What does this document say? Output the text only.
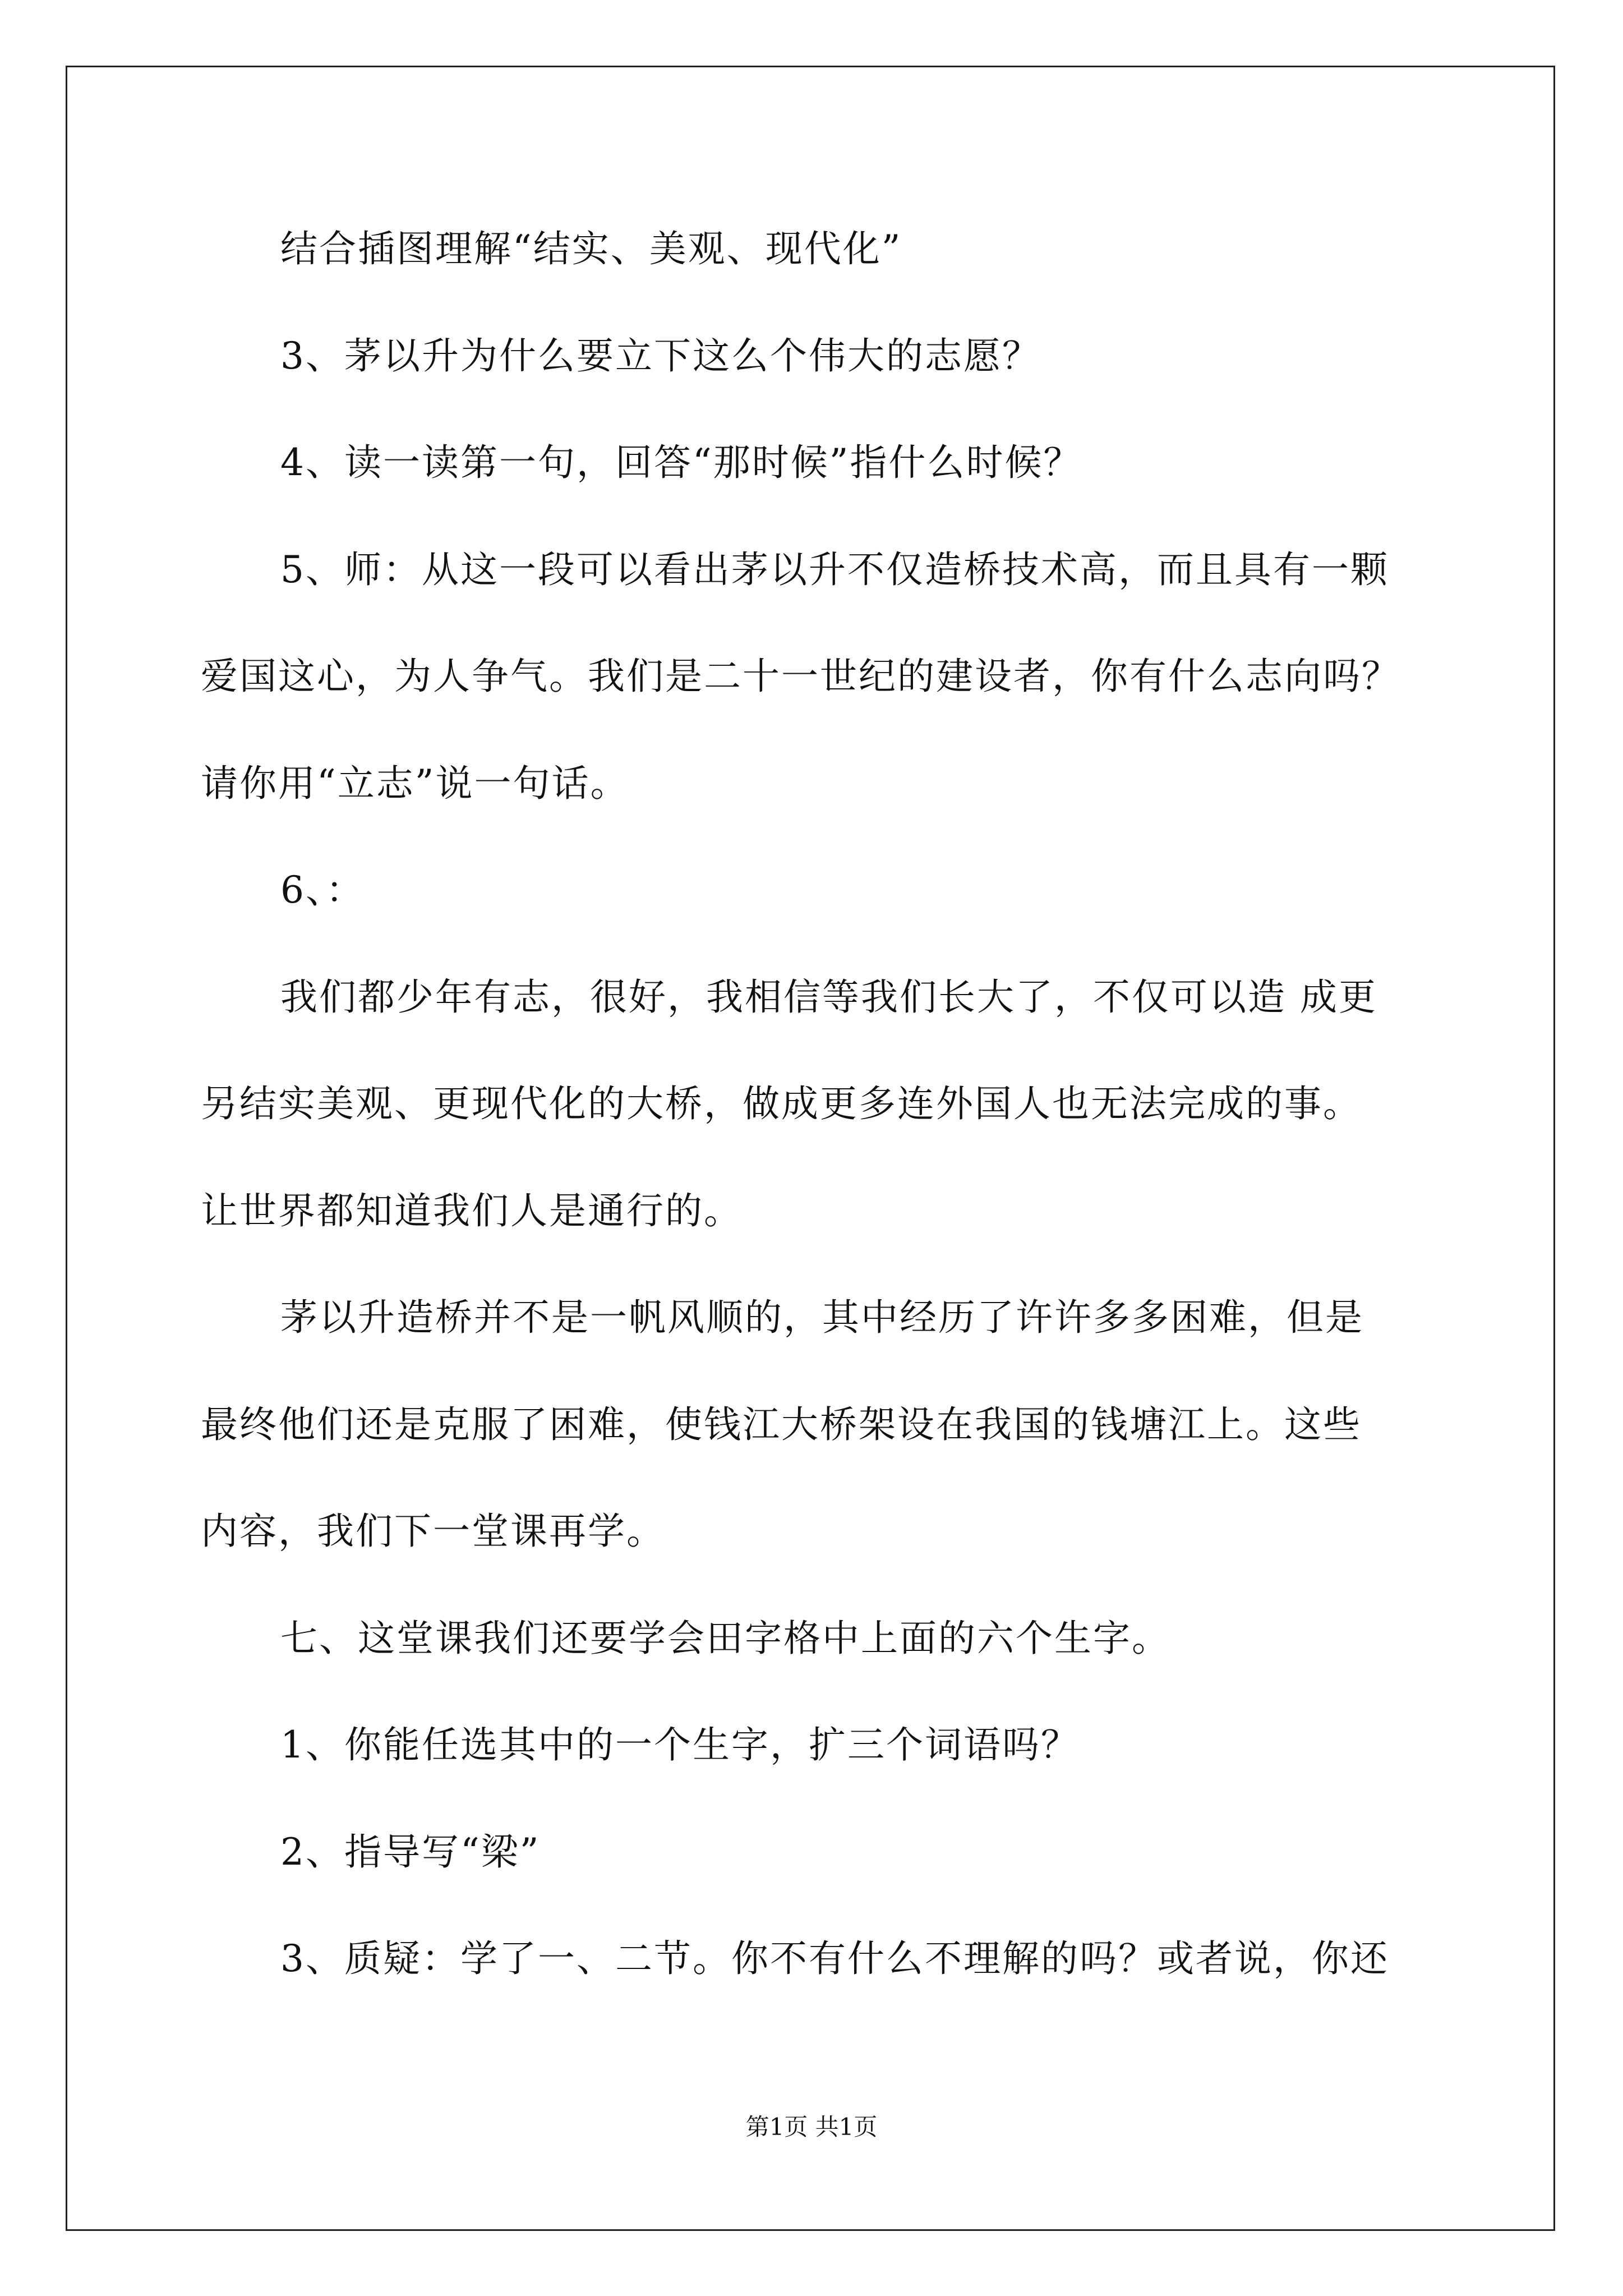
结合插图理解“结实、美观、现代化”
3、茅以升为什么要立下这么个伟大的志愿？
4、读一读第一句，回答“那时候”指什么时候？
5、师：从这一段可以看出茅以升不仅造桥技术高，而且具有一颗
爱国这心，为人争气。我们是二十一世纪的建设者，你有什么志向吗？
请你用“立志”说一句话。
6、：
我们都少年有志，很好，我相信等我们长大了，不仅可以造 成更
另结实美观、更现代化的大桥，做成更多连外国人也无法完成的事。
让世界都知道我们人是通行的。
茅以升造桥并不是一帆风顺的，其中经历了许许多多困难，但是
最终他们还是克服了困难，使钱江大桥架设在我国的钱塘江上。这些
内容，我们下一堂课再学。
七、这堂课我们还要学会田字格中上面的六个生字。
1、你能任选其中的一个生字，扩三个词语吗？
2、指导写“梁”
3、质疑：学了一、二节。你不有什么不理解的吗？或者说，你还
第1页 共1页
